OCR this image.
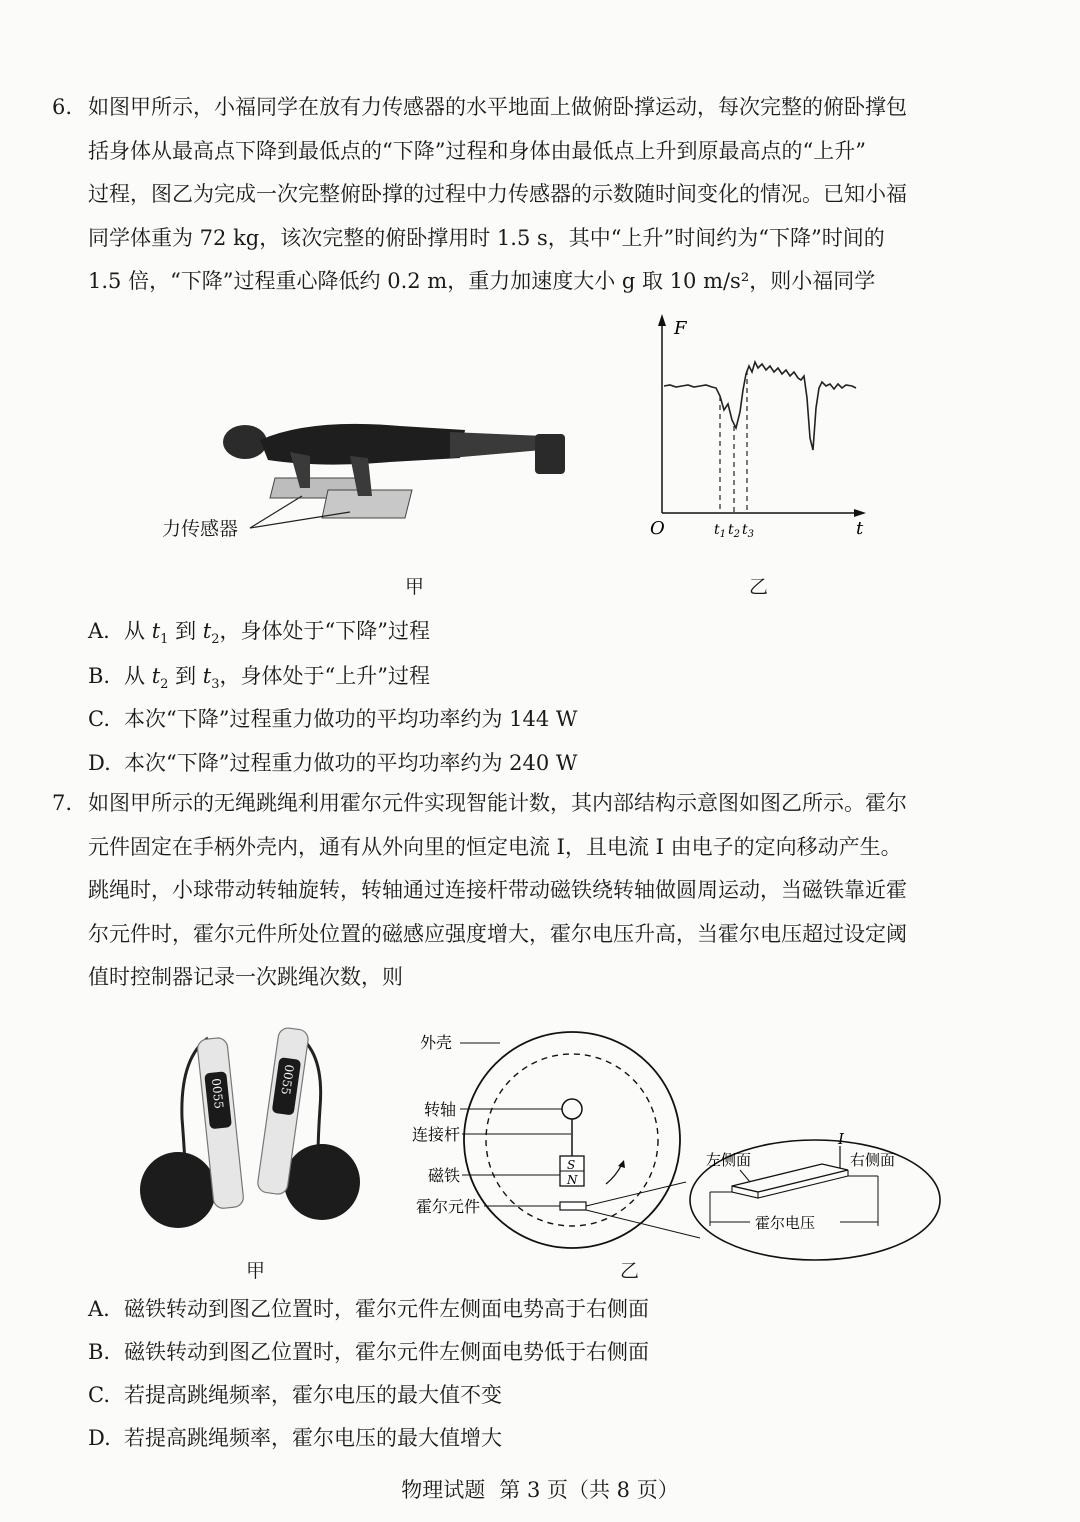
6. 如图甲所示，小福同学在放有力传感器的水平地面上做俯卧撑运动，每次完整的俯卧撑包
括身体从最高点下降到最低点的“下降”过程和身体由最低点上升到原最高点的“上升”
过程，图乙为完成一次完整俯卧撑的过程中力传感器的示数随时间变化的情况。已知小福
同学体重为 72 kg，该次完整的俯卧撑用时 1.5 s，其中“上升”时间约为“下降”时间的
1.5 倍，“下降”过程重心降低约 0.2 m，重力加速度大小 g 取 10 m/s²，则小福同学
力传感器
甲
F
t
O	$t_1$ $t_2$ $t_3$
乙
A. 从 $t_1$ 到 $t_2$，身体处于“下降”过程
B. 从 $t_2$ 到 $t_3$，身体处于“上升”过程
C. 本次“下降”过程重力做功的平均功率约为 144 W
D. 本次“下降”过程重力做功的平均功率约为 240 W
7. 如图甲所示的无绳跳绳利用霍尔元件实现智能计数，其内部结构示意图如图乙所示。霍尔
元件固定在手柄外壳内，通有从外向里的恒定电流 I，且电流 I 由电子的定向移动产生。
跳绳时，小球带动转轴旋转，转轴通过连接杆带动磁铁绕转轴做圆周运动，当磁铁靠近霍
尔元件时，霍尔元件所处位置的磁感应强度增大，霍尔电压升高，当霍尔电压超过设定阈
值时控制器记录一次跳绳次数，则
0055	0055
甲
S
N
外壳
转轴
连接杆
磁铁
霍尔元件
I
左侧面	右侧面
霍尔电压
乙
A. 磁铁转动到图乙位置时，霍尔元件左侧面电势高于右侧面
B. 磁铁转动到图乙位置时，霍尔元件左侧面电势低于右侧面
C. 若提高跳绳频率，霍尔电压的最大值不变
D. 若提高跳绳频率，霍尔电压的最大值增大
物理试题 第 3 页（共 8 页）
